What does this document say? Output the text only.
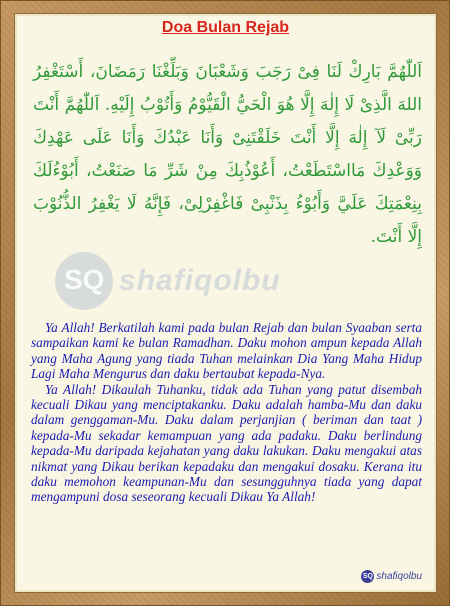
Doa Bulan Rejab
SQ shafiqolbu
اَللّٰهُمَّ بَارِكْ لَنَا فِىْ رَجَبَ وَشَعْبَانَ وَبَلِّغْنَا رَمَضَانَ، أَسْتَغْفِرُ اللهَ الَّذِىْ لَا إِلٰهَ إِلَّا هُوَ الْحَيُّ الْقَيُّوْمُ وَأَتُوْبُ إِلَيْهِ. اَللّٰهُمَّ أَنْتَ رَبِّىْ لَآ إِلٰهَ إِلَّا أَنْتَ خَلَقْتَنِىْ وَأَنَا عَبْدُكَ وَأَنَا عَلَى عَهْدِكَ وَوَعْدِكَ مَااسْتَطَعْتُ، أَعُوْذُبِكَ مِنْ شَرِّ مَا صَنَعْتُ، أَبُوْءُلَكَ بِنِعْمَتِكَ عَلَيَّ وَأَبُوْءُ بِذَنْبِىْ فَاغْفِرْلِىْ، فَإِنَّهُ لَا يَغْفِرُ الذُّنُوْبَ إِلَّا أَنْتَ.

Ya Allah! Berkatilah kami pada bulan Rejab dan bulan Syaaban serta sampaikan kami ke bulan Ramadhan. Daku mohon ampun kepada Allah yang Maha Agung yang tiada Tuhan melainkan Dia Yang Maha Hidup Lagi Maha Mengurus dan daku bertaubat kepada-Nya.

Ya Allah! Dikaulah Tuhanku, tidak ada Tuhan yang patut disembah kecuali Dikau yang menciptakanku. Daku adalah hamba-Mu dan daku dalam genggaman-Mu. Daku dalam perjanjian ( beriman dan taat ) kepada-Mu sekadar kemampuan yang ada padaku. Daku berlindung kepada-Mu daripada kejahatan yang daku lakukan. Daku mengakui atas nikmat yang Dikau berikan kepadaku dan mengakui dosaku. Kerana itu daku memohon keampunan-Mu dan sesungguhnya tiada yang dapat mengampuni dosa seseorang kecuali Dikau Ya Allah!

SQ shafiqolbu
